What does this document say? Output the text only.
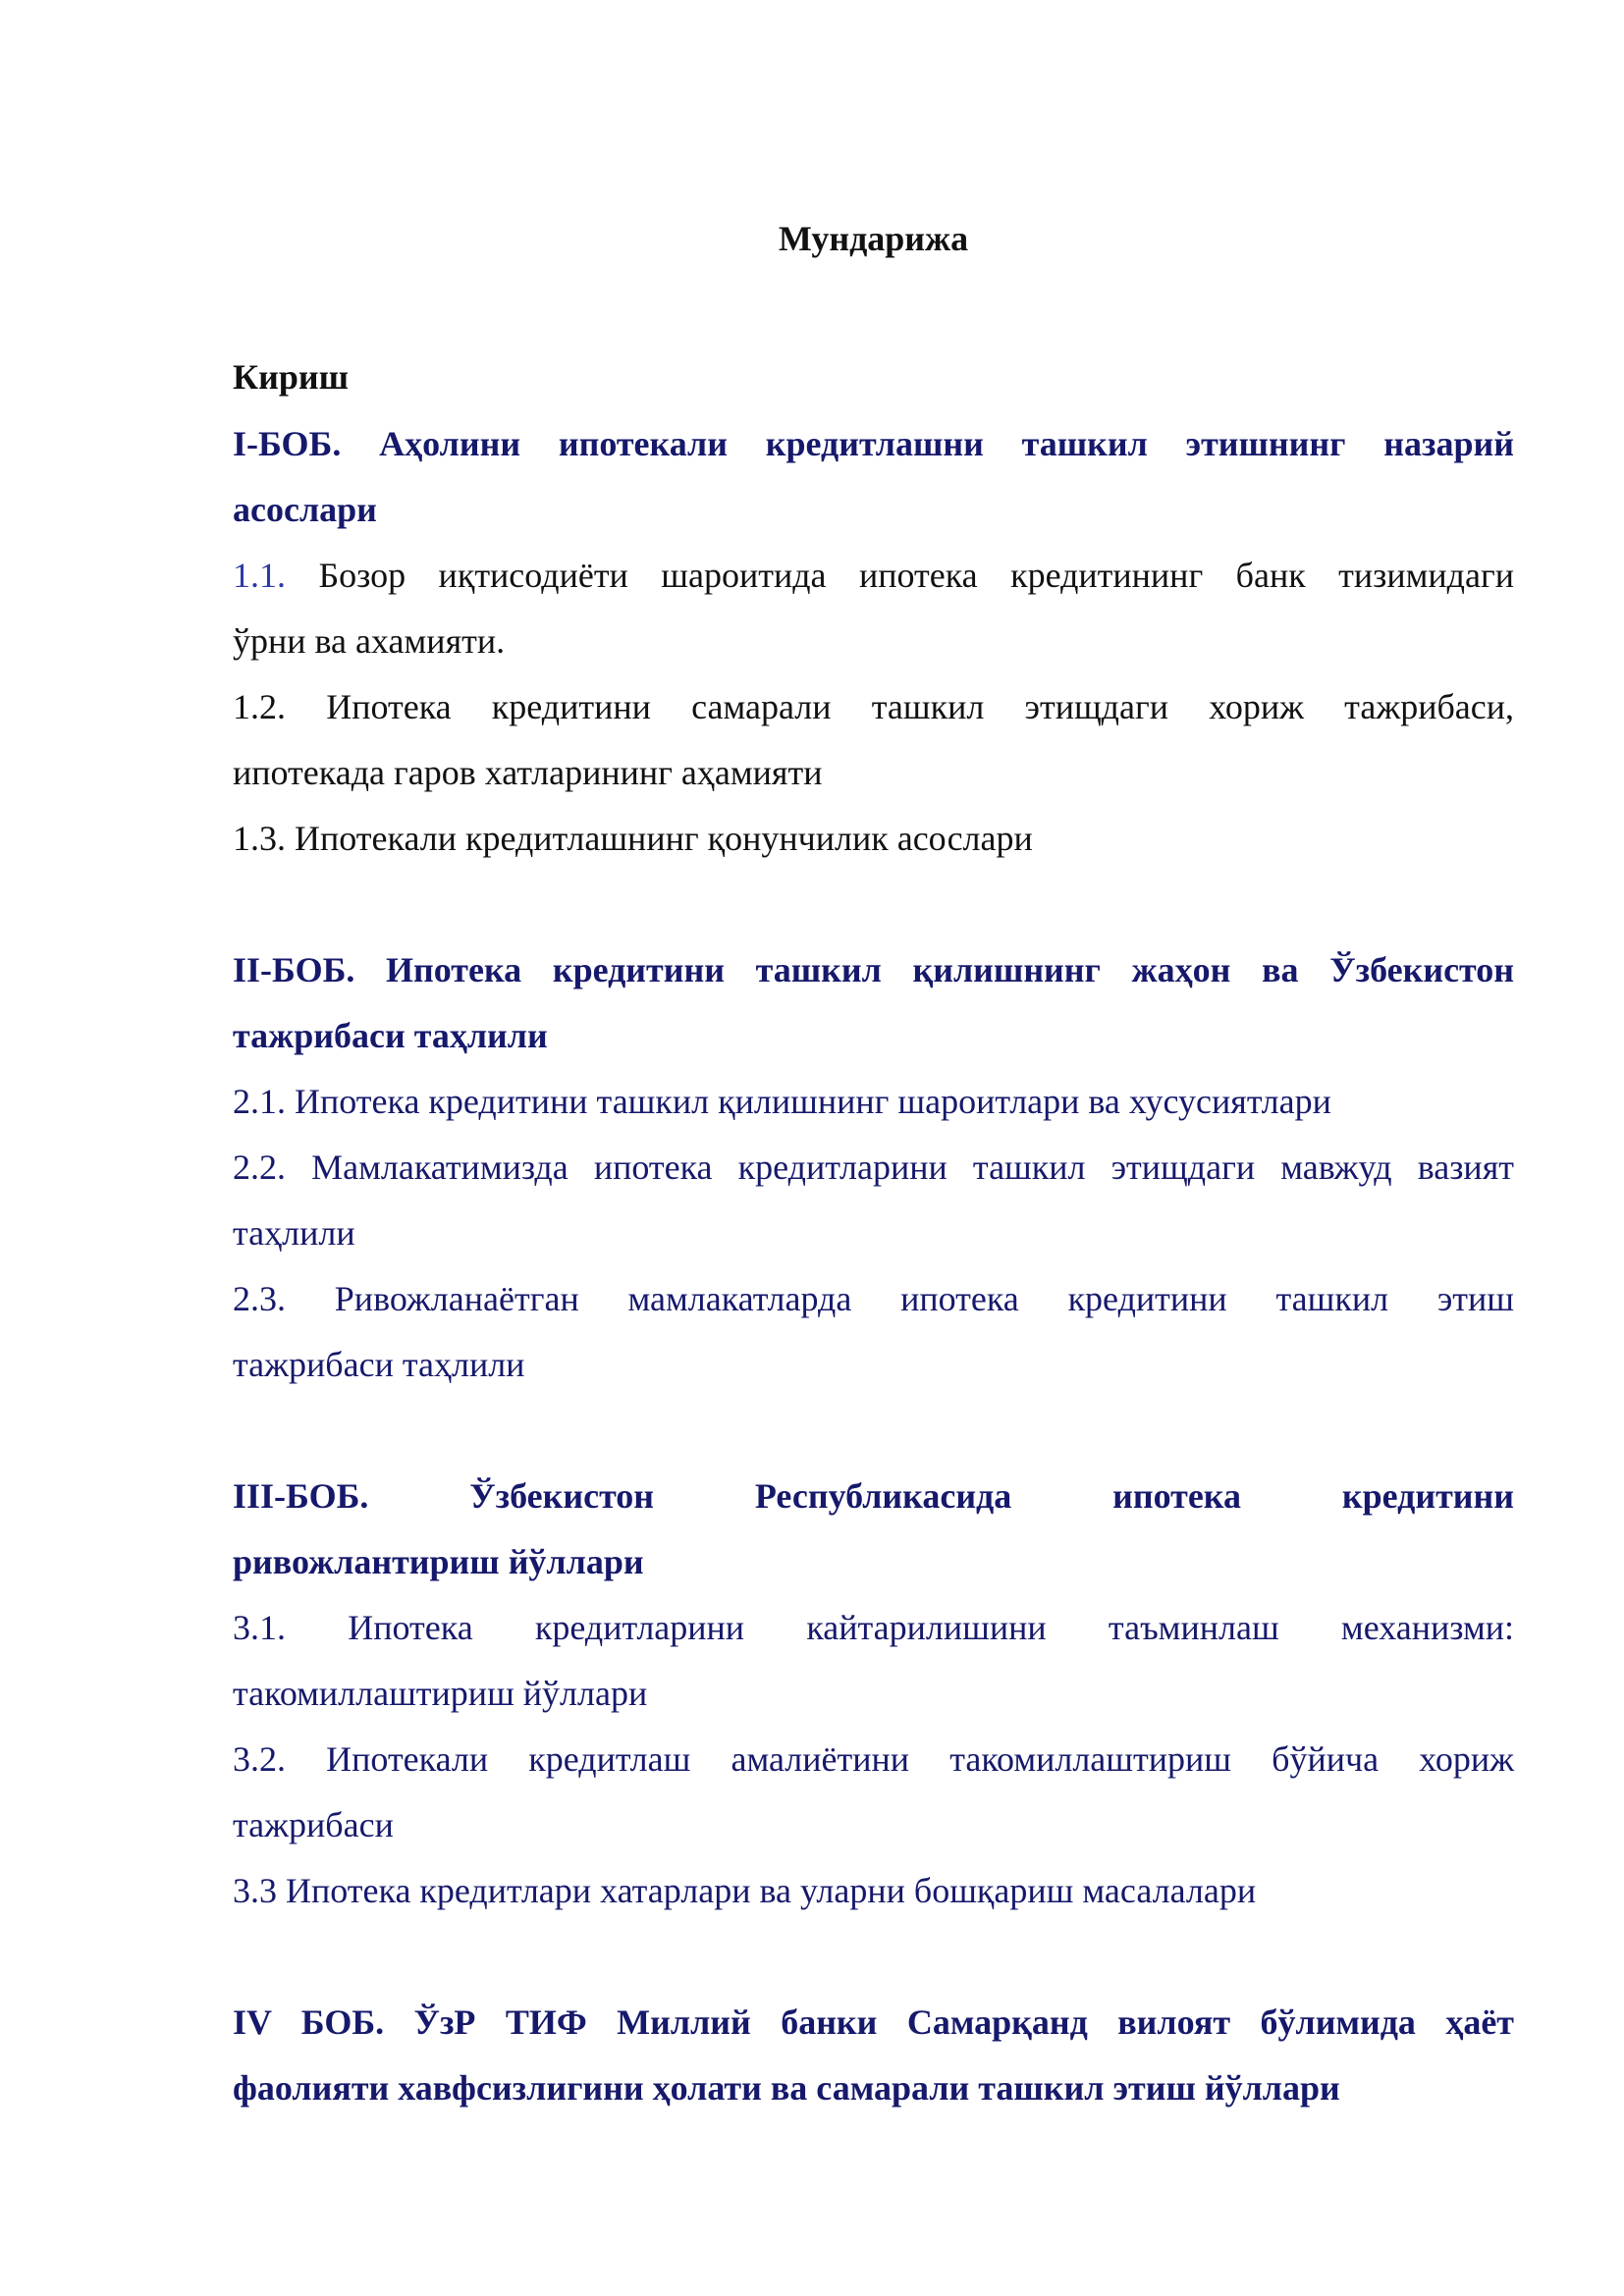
Мундарижа
Кириш
I-БОБ. Аҳолини ипотекали кредитлашни ташкил этишнинг назарий
асослари
1.1. Бозор иқтисодиёти шароитида ипотека кредитининг банк тизимидаги
ўрни ва ахамияти.
1.2. Ипотека кредитини самарали ташкил этищдаги хориж тажрибаси,
ипотекада гаров хатларининг аҳамияти
1.3. Ипотекали кредитлашнинг қонунчилик асослари
II-БОБ. Ипотека кредитини ташкил қилишнинг жаҳон ва Ўзбекистон
тажрибаси таҳлили
2.1. Ипотека кредитини ташкил қилишнинг шароитлари ва хусусиятлари
2.2. Мамлакатимизда ипотека кредитларини ташкил этищдаги мавжуд вазият
таҳлили
2.3. Ривожланаётган мамлакатларда ипотека кредитини ташкил этиш
тажрибаси таҳлили
III-БОБ. Ўзбекистон Республикасида ипотека кредитини
ривожлантириш йўллари
3.1. Ипотека кредитларини кайтарилишини таъминлаш механизми:
такомиллаштириш йўллари
3.2. Ипотекали кредитлаш амалиётини такомиллаштириш бўйича хориж
тажрибаси
3.3 Ипотека кредитлари хатарлари ва уларни бошқариш масалалари
IV БОБ. ЎзР ТИФ Миллий банки Самарқанд вилоят бўлимида ҳаёт
фаолияти хавфсизлигини ҳолати ва самарали ташкил этиш йўллари
